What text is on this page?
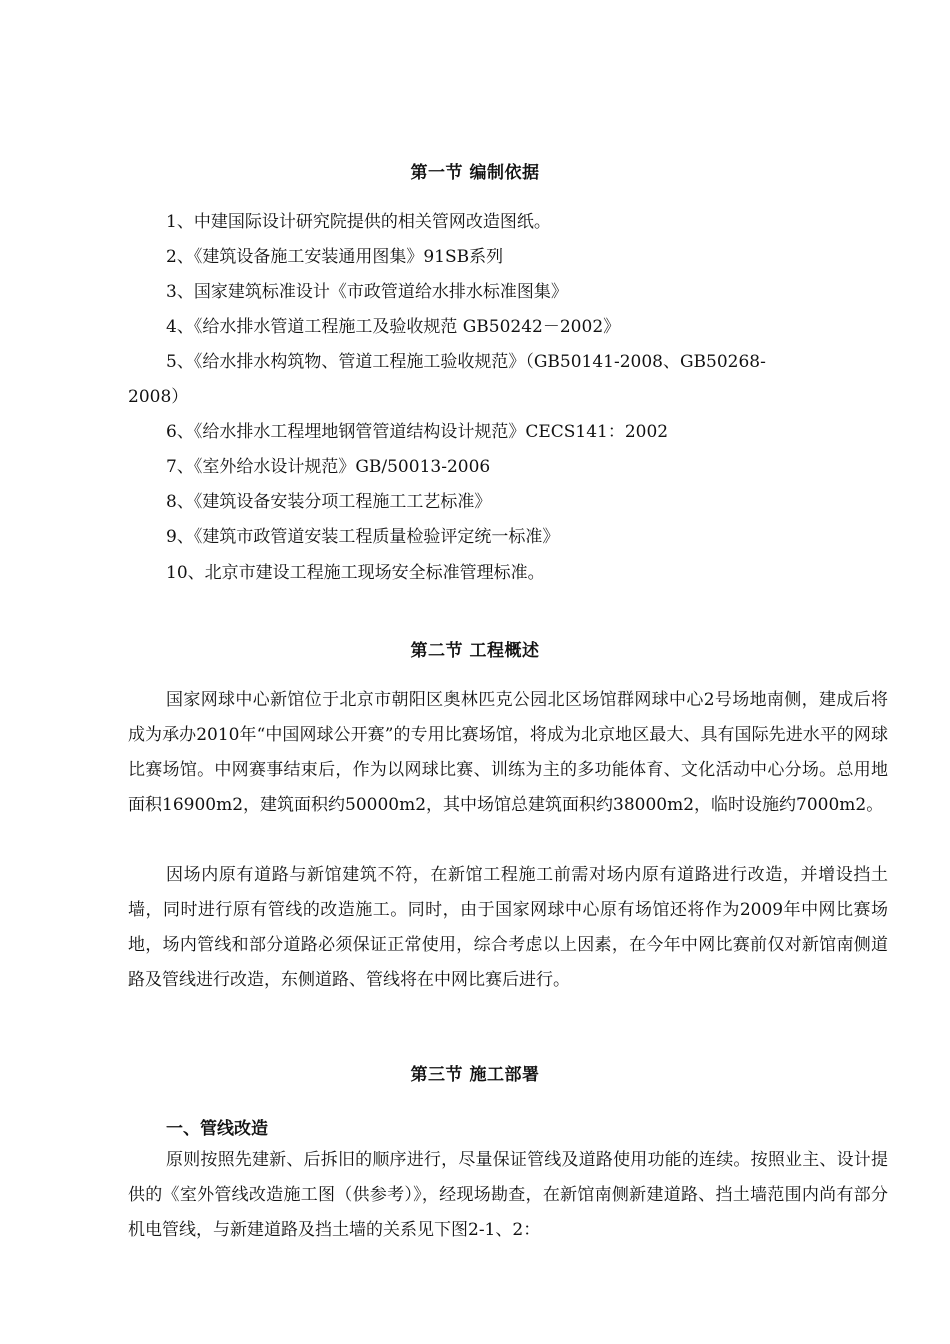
第一节 编制依据
1、中建国际设计研究院提供的相关管网改造图纸。
2、《建筑设备施工安装通用图集》91SB系列
3、国家建筑标准设计《市政管道给水排水标准图集》
4、《给水排水管道工程施工及验收规范 GB50242－2002》
5、《给水排水构筑物、管道工程施工验收规范》（GB50141-2008、GB50268-
2008）
6、《给水排水工程埋地钢管管道结构设计规范》CECS141：2002
7、《室外给水设计规范》GB/50013-2006
8、《建筑设备安装分项工程施工工艺标准》
9、《建筑市政管道安装工程质量检验评定统一标准》
10、北京市建设工程施工现场安全标准管理标准。
第二节 工程概述
国家网球中心新馆位于北京市朝阳区奥林匹克公园北区场馆群网球中心2号场地南侧，建成后将成为承办2010年“中国网球公开赛”的专用比赛场馆，将成为北京地区最大、具有国际先进水平的网球比赛场馆。中网赛事结束后，作为以网球比赛、训练为主的多功能体育、文化活动中心分场。总用地面积16900m2，建筑面积约50000m2，其中场馆总建筑面积约38000m2，临时设施约7000m2。
因场内原有道路与新馆建筑不符，在新馆工程施工前需对场内原有道路进行改造，并增设挡土墙，同时进行原有管线的改造施工。同时，由于国家网球中心原有场馆还将作为2009年中网比赛场地，场内管线和部分道路必须保证正常使用，综合考虑以上因素，在今年中网比赛前仅对新馆南侧道路及管线进行改造，东侧道路、管线将在中网比赛后进行。
第三节 施工部署
一、管线改造
原则按照先建新、后拆旧的顺序进行，尽量保证管线及道路使用功能的连续。按照业主、设计提供的《室外管线改造施工图（供参考）》，经现场勘查，在新馆南侧新建道路、挡土墙范围内尚有部分机电管线，与新建道路及挡土墙的关系见下图2-1、2：
